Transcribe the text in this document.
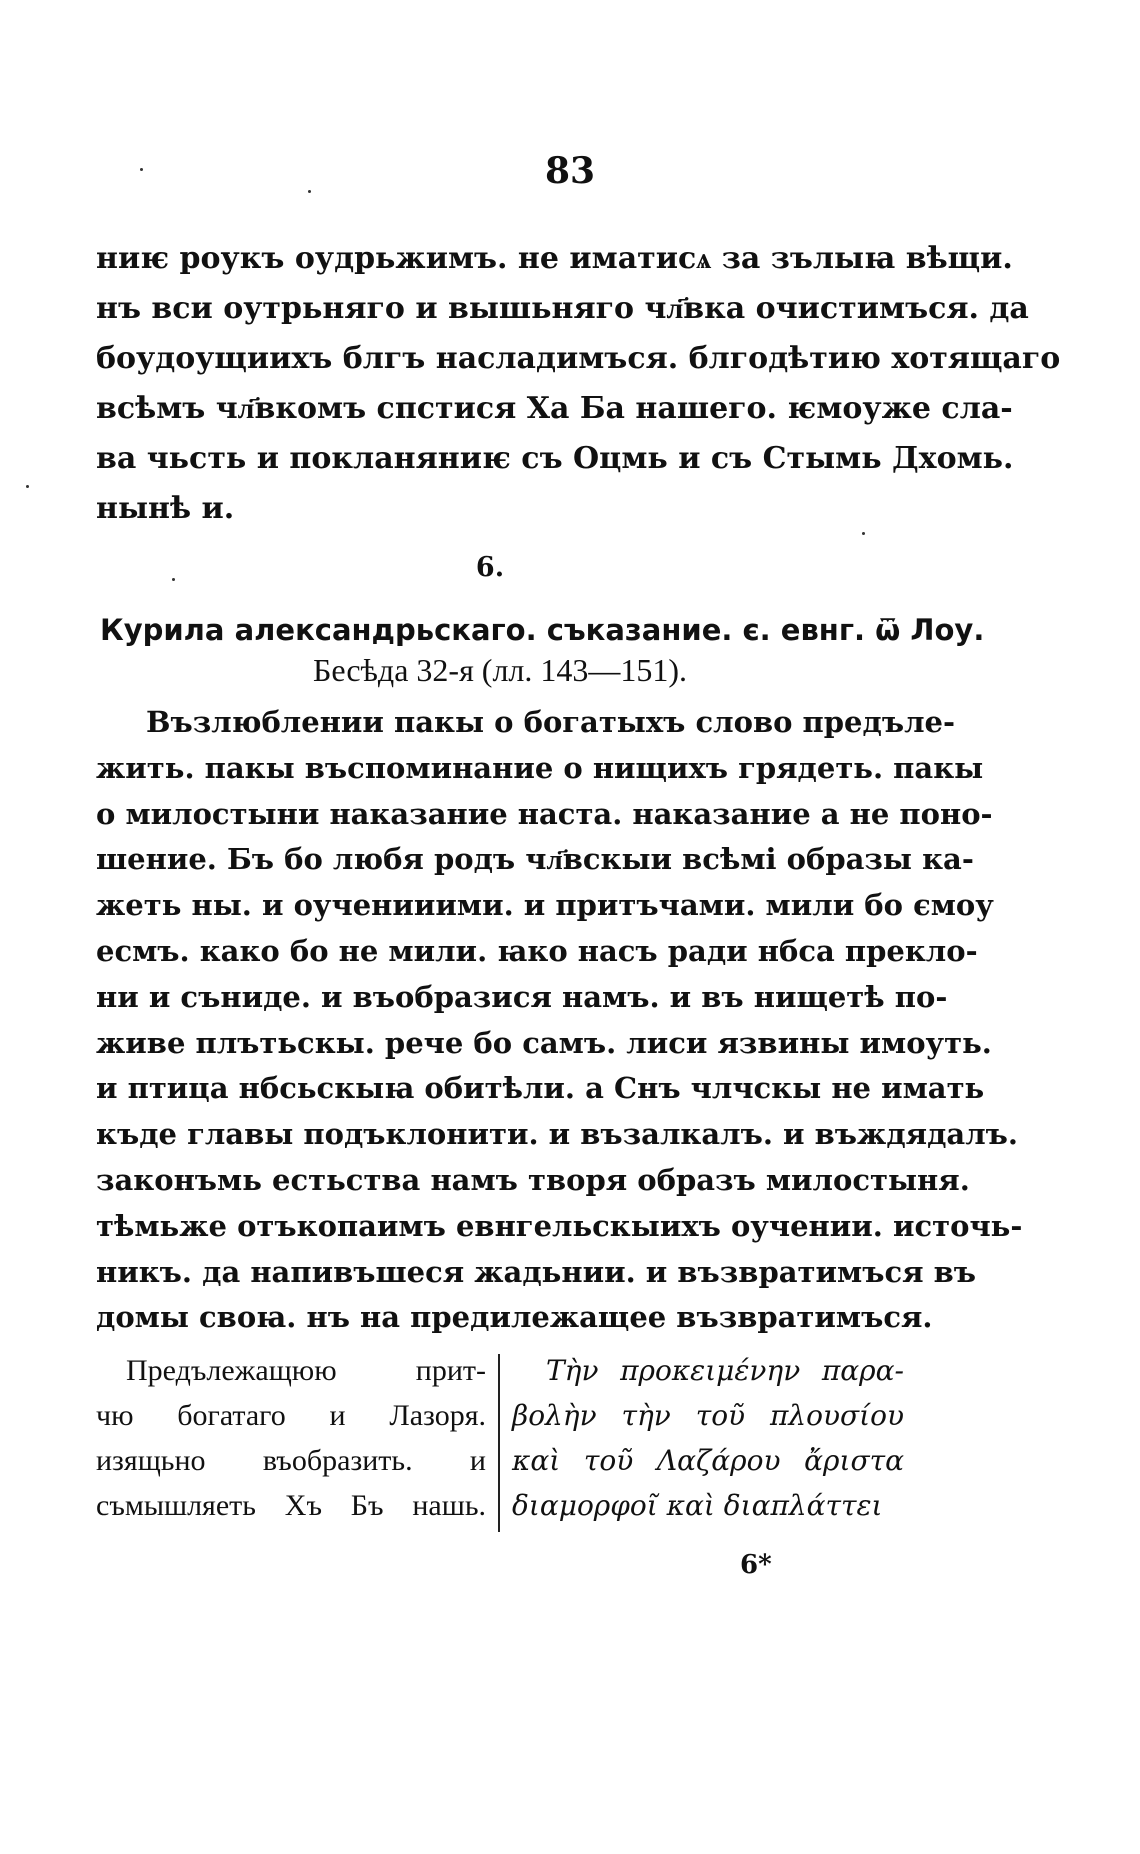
83
ниѥ роукъ оудрьжимъ. не иматисѧ за зълыꙗ вѣщи.
нъ вси оутрьняго и вышьняго чл҃вка очистимъся. да
боудоущиихъ блгъ насладимъся. блгодѣтию хотящаго
всѣмъ чл҃вкомъ спстися Ха Ба нашего. ѥмоуже сла-
ва чьсть и покланяниѥ съ Оцмь и съ Стымь Дхомь.
нынѣ и.
6.
Курила александрьскаго. съказание. є. евнг. ѿ Лоу.
Бесѣда 32-я (лл. 143—151).
Възлюблении пакы о богатыхъ слово предълe-
жить. пакы въспоминание о нищихъ грядеть. пакы
о милостыни наказание наста. наказание а не поно-
шение. Бъ бо любя родъ чл҃вскыи всѣмі образы ка-
жеть ны. и оученииими. и притъчами. мили бо ємоу
есмъ. како бо не мили. ꙗко насъ ради нбса преклo-
ни и сънидe. и въобразися намъ. и въ нищетѣ по-
живе плътьскы. рече бо самъ. лиси язвины имоуть.
и птица нбсьскыꙗ обитѣли. а Снъ члчскы не имать
къде главы подъклонити. и възалкалъ. и въждядалъ.
законъмь естьства намъ творя образъ милостыня.
тѣмьже отъкопаимъ евнгельскыихъ оучении. источь-
никъ. да напивъшеся жадьнии. и възвратимъся въ
домы своꙗ. нъ на предилежащее възвратимъся.
Предълежащюю прит-
чю богатаго и Лазоря.
изящьно въобразить. и
съмышляеть Хъ Бъ нашь.
Τὴν προκειμένην παρα-
βολὴν τὴν τοῦ πλουσίου
καὶ τοῦ Λαζάρου ἄριστα
διαμορφοῖ καὶ διαπλάττει
6*
